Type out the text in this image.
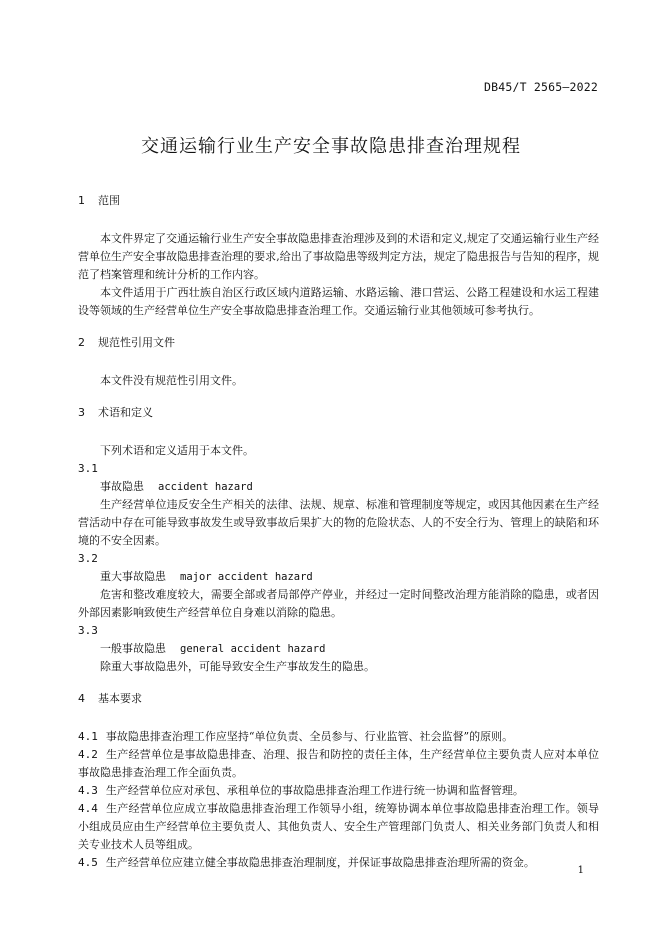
DB45/T 2565—2022
交通运输行业生产安全事故隐患排查治理规程

1 范围

本文件界定了交通运输行业生产安全事故隐患排查治理涉及到的术语和定义,规定了交通运输行业生产经营单位生产安全事故隐患排查治理的要求,给出了事故隐患等级判定方法，规定了隐患报告与告知的程序，规范了档案管理和统计分析的工作内容。

本文件适用于广西壮族自治区行政区域内道路运输、水路运输、港口营运、公路工程建设和水运工程建设等领域的生产经营单位生产安全事故隐患排查治理工作。交通运输行业其他领域可参考执行。

2 规范性引用文件

本文件没有规范性引用文件。

3 术语和定义

下列术语和定义适用于本文件。

3.1

事故隐患 accident hazard

生产经营单位违反安全生产相关的法律、法规、规章、标准和管理制度等规定，或因其他因素在生产经营活动中存在可能导致事故发生或导致事故后果扩大的物的危险状态、人的不安全行为、管理上的缺陷和环境的不安全因素。

3.2

重大事故隐患 major accident hazard

危害和整改难度较大，需要全部或者局部停产停业，并经过一定时间整改治理方能消除的隐患，或者因外部因素影响致使生产经营单位自身难以消除的隐患。

3.3

一般事故隐患 general accident hazard

除重大事故隐患外，可能导致安全生产事故发生的隐患。

4 基本要求

4.1 事故隐患排查治理工作应坚持“单位负责、全员参与、行业监管、社会监督”的原则。

4.2 生产经营单位是事故隐患排查、治理、报告和防控的责任主体，生产经营单位主要负责人应对本单位事故隐患排查治理工作全面负责。

4.3 生产经营单位应对承包、承租单位的事故隐患排查治理工作进行统一协调和监督管理。

4.4 生产经营单位应成立事故隐患排查治理工作领导小组，统筹协调本单位事故隐患排查治理工作。领导小组成员应由生产经营单位主要负责人、其他负责人、安全生产管理部门负责人、相关业务部门负责人和相关专业技术人员等组成。

4.5 生产经营单位应建立健全事故隐患排查治理制度，并保证事故隐患排查治理所需的资金。

1
